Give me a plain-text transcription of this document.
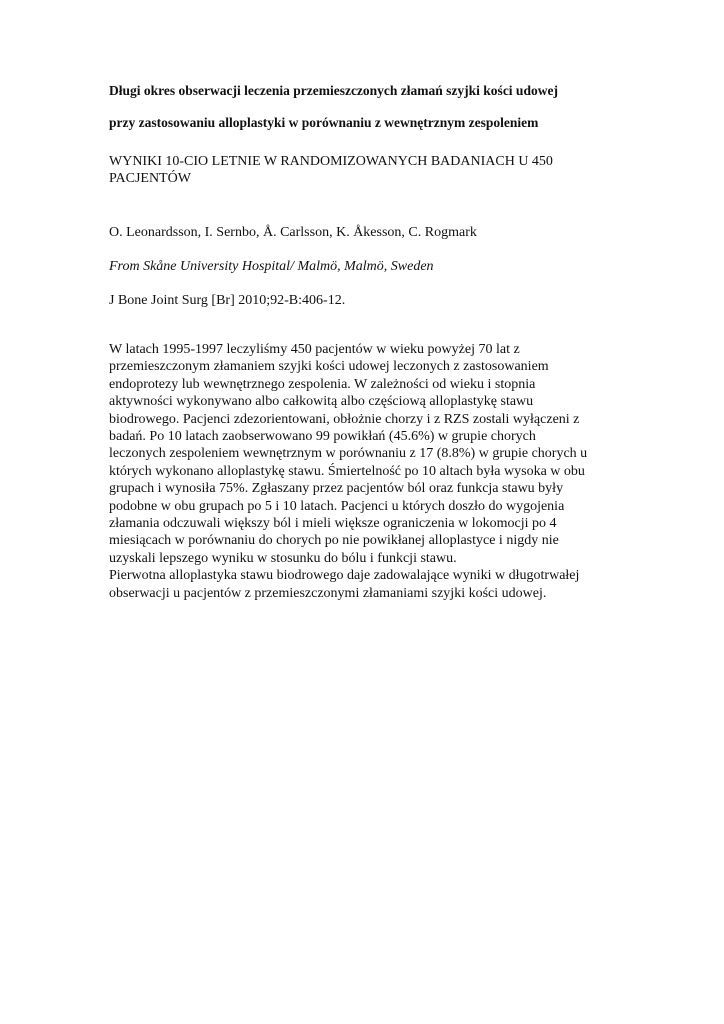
Długi okres obserwacji leczenia przemieszczonych złamań szyjki kości udowej

przy zastosowaniu alloplastyki w porównaniu z wewnętrznym zespoleniem

WYNIKI 10-CIO LETNIE W RANDOMIZOWANYCH BADANIACH U 450
PACJENTÓW

O. Leonardsson, I. Sernbo, Å. Carlsson, K. Åkesson, C. Rogmark

From Skåne University Hospital/ Malmö, Malmö, Sweden

J Bone Joint Surg [Br] 2010;92-B:406-12.

W latach 1995-1997 leczyliśmy 450 pacjentów w wieku powyżej 70 lat z
przemieszczonym złamaniem szyjki kości udowej leczonych z zastosowaniem
endoprotezy lub wewnętrznego zespolenia. W zależności od wieku i stopnia
aktywności wykonywano albo całkowitą albo częściową alloplastykę stawu
biodrowego. Pacjenci zdezorientowani, obłożnie chorzy i z RZS zostali wyłączeni z
badań. Po 10 latach zaobserwowano 99 powikłań (45.6%) w grupie chorych
leczonych zespoleniem wewnętrznym w porównaniu z 17 (8.8%) w grupie chorych u
których wykonano alloplastykę stawu. Śmiertelność po 10 altach była wysoka w obu
grupach i wynosiła 75%. Zgłaszany przez pacjentów ból oraz funkcja stawu były
podobne w obu grupach po 5 i 10 latach. Pacjenci u których doszło do wygojenia
złamania odczuwali większy ból i mieli większe ograniczenia w lokomocji po 4
miesiącach w porównaniu do chorych po nie powikłanej alloplastyce i nigdy nie
uzyskali lepszego wyniku w stosunku do bólu i funkcji stawu.
Pierwotna alloplastyka stawu biodrowego daje zadowalające wyniki w długotrwałej
obserwacji u pacjentów z przemieszczonymi złamaniami szyjki kości udowej.
